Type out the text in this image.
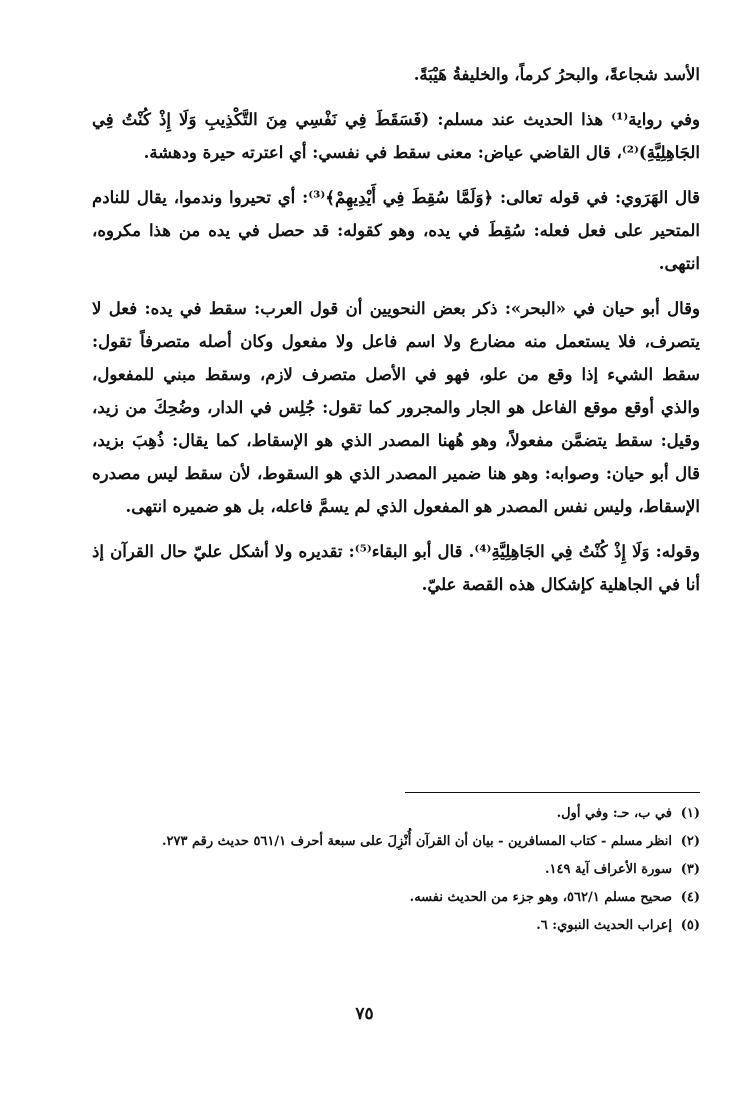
الأسد شجاعةً، والبحرُ كرماً، والخليفةُ هَيْبَةً.

وفي رواية⁽¹⁾ هذا الحديث عند مسلم: (فَسَقَطَ فِي نَفْسِي مِنَ التَّكْذِيبِ وَلَا إِذْ كُنْتُ فِي الجَاهِلِيَّةِ)⁽²⁾، قال القاضي عياض: معنى سقط في نفسي: أي اعترته حيرة ودهشة.

قال الهَرَوي: في قوله تعالى: ﴿وَلَمَّا سُقِطَ فِي أَيْدِيهِمْ﴾⁽³⁾: أي تحيروا وندموا، يقال للنادم المتحير على فعل فعله: سُقِطَ في يده، وهو كقوله: قد حصل في يده من هذا مكروه، انتهى.

وقال أبو حيان في «البحر»: ذكر بعض النحويين أن قول العرب: سقط في يده: فعل لا يتصرف، فلا يستعمل منه مضارع ولا اسم فاعل ولا مفعول وكان أصله متصرفاً تقول: سقط الشيء إذا وقع من علو، فهو في الأصل متصرف لازم، وسقط مبني للمفعول، والذي أوقع موقع الفاعل هو الجار والمجرور كما تقول: جُلِس في الدار، وضُحِكَ من زيد، وقيل: سقط يتضمَّن مفعولاً، وهو هُهنا المصدر الذي هو الإسقاط، كما يقال: ذُهِبَ بزيد، قال أبو حيان: وصوابه: وهو هنا ضمير المصدر الذي هو السقوط، لأن سقط ليس مصدره الإسقاط، وليس نفس المصدر هو المفعول الذي لم يسمَّ فاعله، بل هو ضميره انتهى.

وقوله: وَلَا إِذْ كُنْتُ فِي الجَاهِلِيَّةِ⁽⁴⁾. قال أبو البقاء⁽⁵⁾: تقديره ولا أشكل عليّ حال القرآن إذ أنا في الجاهلية كإشكال هذه القصة عليّ.

(١)
في ب، حـ: وفي أول.

(٢)
انظر مسلم - كتاب المسافرين - بيان أن القرآن أُنْزِلَ على سبعة أحرف ٥٦١/١ حديث رقم ٢٧٣.

(٣)
سورة الأعراف آية ١٤٩.

(٤)
صحيح مسلم ٥٦٢/١، وهو جزء من الحديث نفسه.

(٥)
إعراب الحديث النبوي: ٦.

٧٥
